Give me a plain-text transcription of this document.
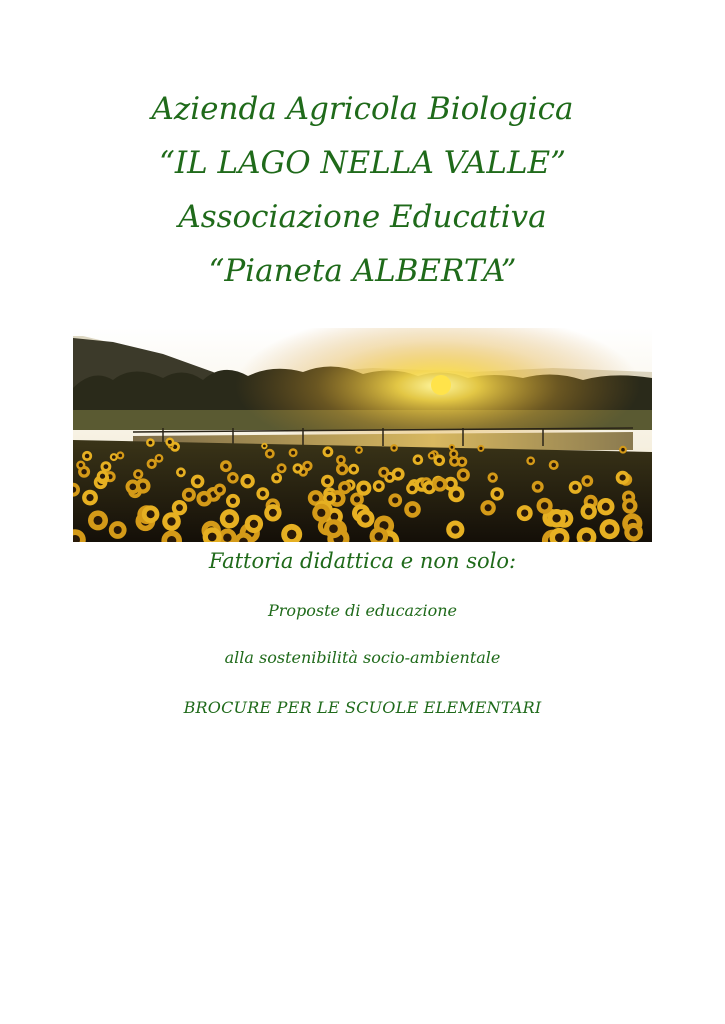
Azienda Agricola Biologica
“IL LAGO NELLA VALLE”
Associazione Educativa
“Pianeta ALBERTA”
Fattoria didattica e non solo:
Proposte di educazione
alla sostenibilità socio-ambientale
BROCURE PER LE SCUOLE ELEMENTARI
